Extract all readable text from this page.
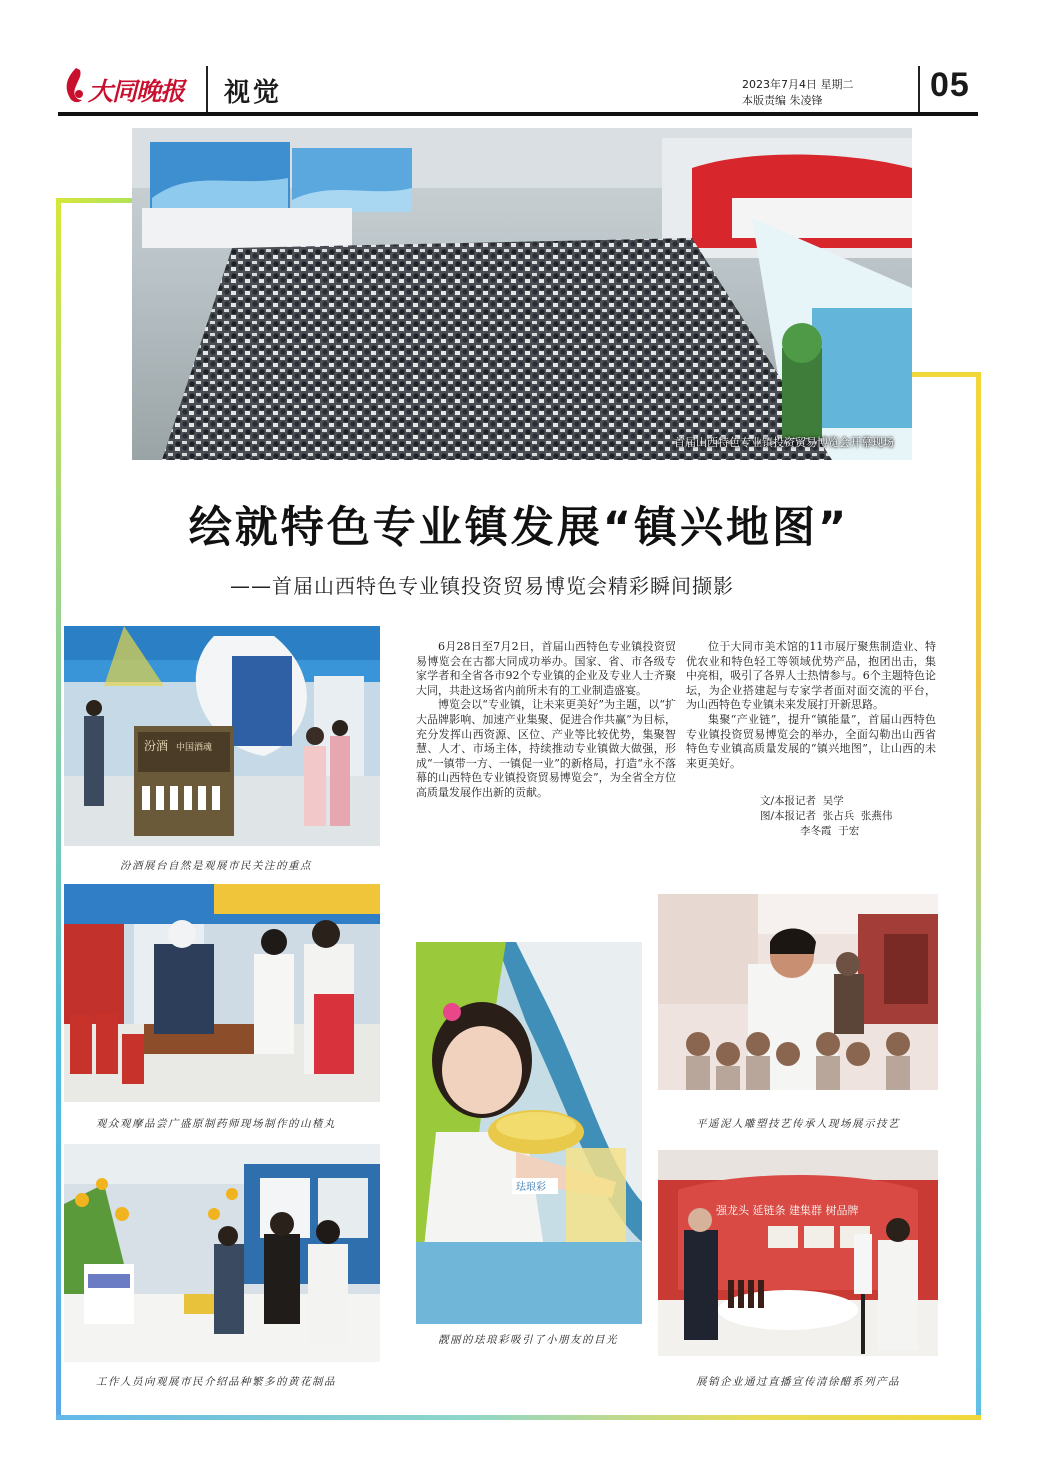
大同晚报 视觉	2023年7月4日 星期二
本版责编 朱凌锋	05
首届山西特色专业镇投资贸易博览会开幕现场
绘就特色专业镇发展“镇兴地图”
——首届山西特色专业镇投资贸易博览会精彩瞬间撷影
汾酒 中国酒魂
汾酒展台自然是观展市民关注的重点

6月28日至7月2日，首届山西特色专业镇投资贸易博览会在古都大同成功举办。国家、省、市各级专家学者和全省各市92个专业镇的企业及专业人士齐聚大同，共赴这场省内前所未有的工业制造盛宴。

博览会以“专业镇，让未来更美好”为主题，以“扩大品牌影响、加速产业集聚、促进合作共赢”为目标，充分发挥山西资源、区位、产业等比较优势，集聚智慧、人才、市场主体，持续推动专业镇做大做强，形成“一镇带一方、一镇促一业”的新格局，打造“永不落幕的山西特色专业镇投资贸易博览会”，为全省全方位高质量发展作出新的贡献。

位于大同市美术馆的11市展厅聚焦制造业、特优农业和特色轻工等领域优势产品，抱团出击，集中亮相，吸引了各界人士热情参与。6个主题特色论坛，为企业搭建起与专家学者面对面交流的平台，为山西特色专业镇未来发展打开新思路。

集聚“产业链”，提升“镇能量”，首届山西特色专业镇投资贸易博览会的举办，全面勾勒出山西省特色专业镇高质量发展的“镇兴地图”，让山西的未来更美好。

文/本报记者  吴学
图/本报记者  张占兵  张燕伟
李冬霞  于宏
观众观摩品尝广盛原制药师现场制作的山楂丸
珐琅彩
靓丽的珐琅彩吸引了小朋友的目光
平遥泥人雕塑技艺传承人现场展示技艺
工作人员向观展市民介绍品种繁多的黄花制品
强龙头 延链条 建集群 树品牌
展销企业通过直播宣传清徐醋系列产品
